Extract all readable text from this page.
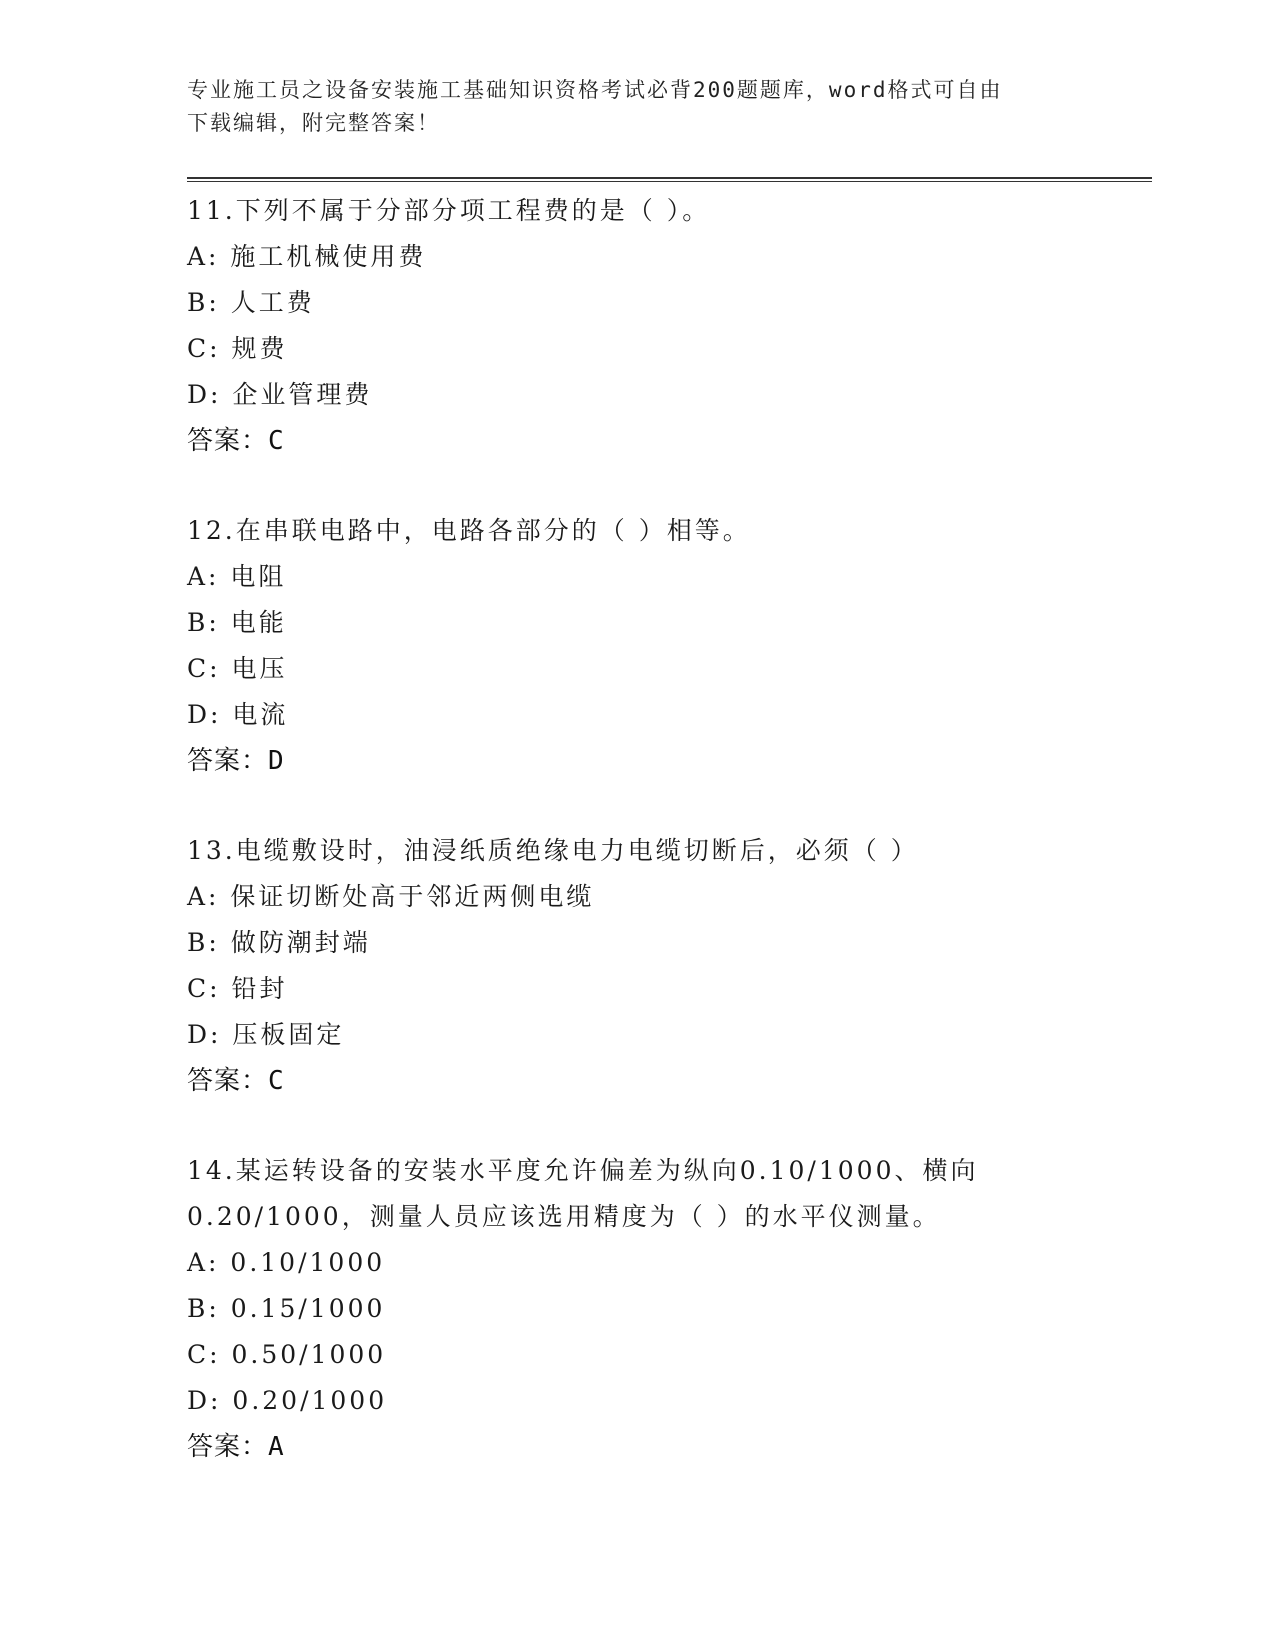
专业施工员之设备安装施工基础知识资格考试必背200题题库，word格式可自由
下载编辑，附完整答案！
11.下列不属于分部分项工程费的是（ ）。
A: 施工机械使用费
B: 人工费
C: 规费
D: 企业管理费
答案：C
12.在串联电路中，电路各部分的（ ）相等。
A: 电阻
B: 电能
C: 电压
D: 电流
答案：D
13.电缆敷设时，油浸纸质绝缘电力电缆切断后，必须（ ）
A: 保证切断处高于邻近两侧电缆
B: 做防潮封端
C: 铅封
D: 压板固定
答案：C
14.某运转设备的安装水平度允许偏差为纵向0.10/1000、横向
0.20/1000，测量人员应该选用精度为（ ）的水平仪测量。
A: 0.10/1000
B: 0.15/1000
C: 0.50/1000
D: 0.20/1000
答案：A
